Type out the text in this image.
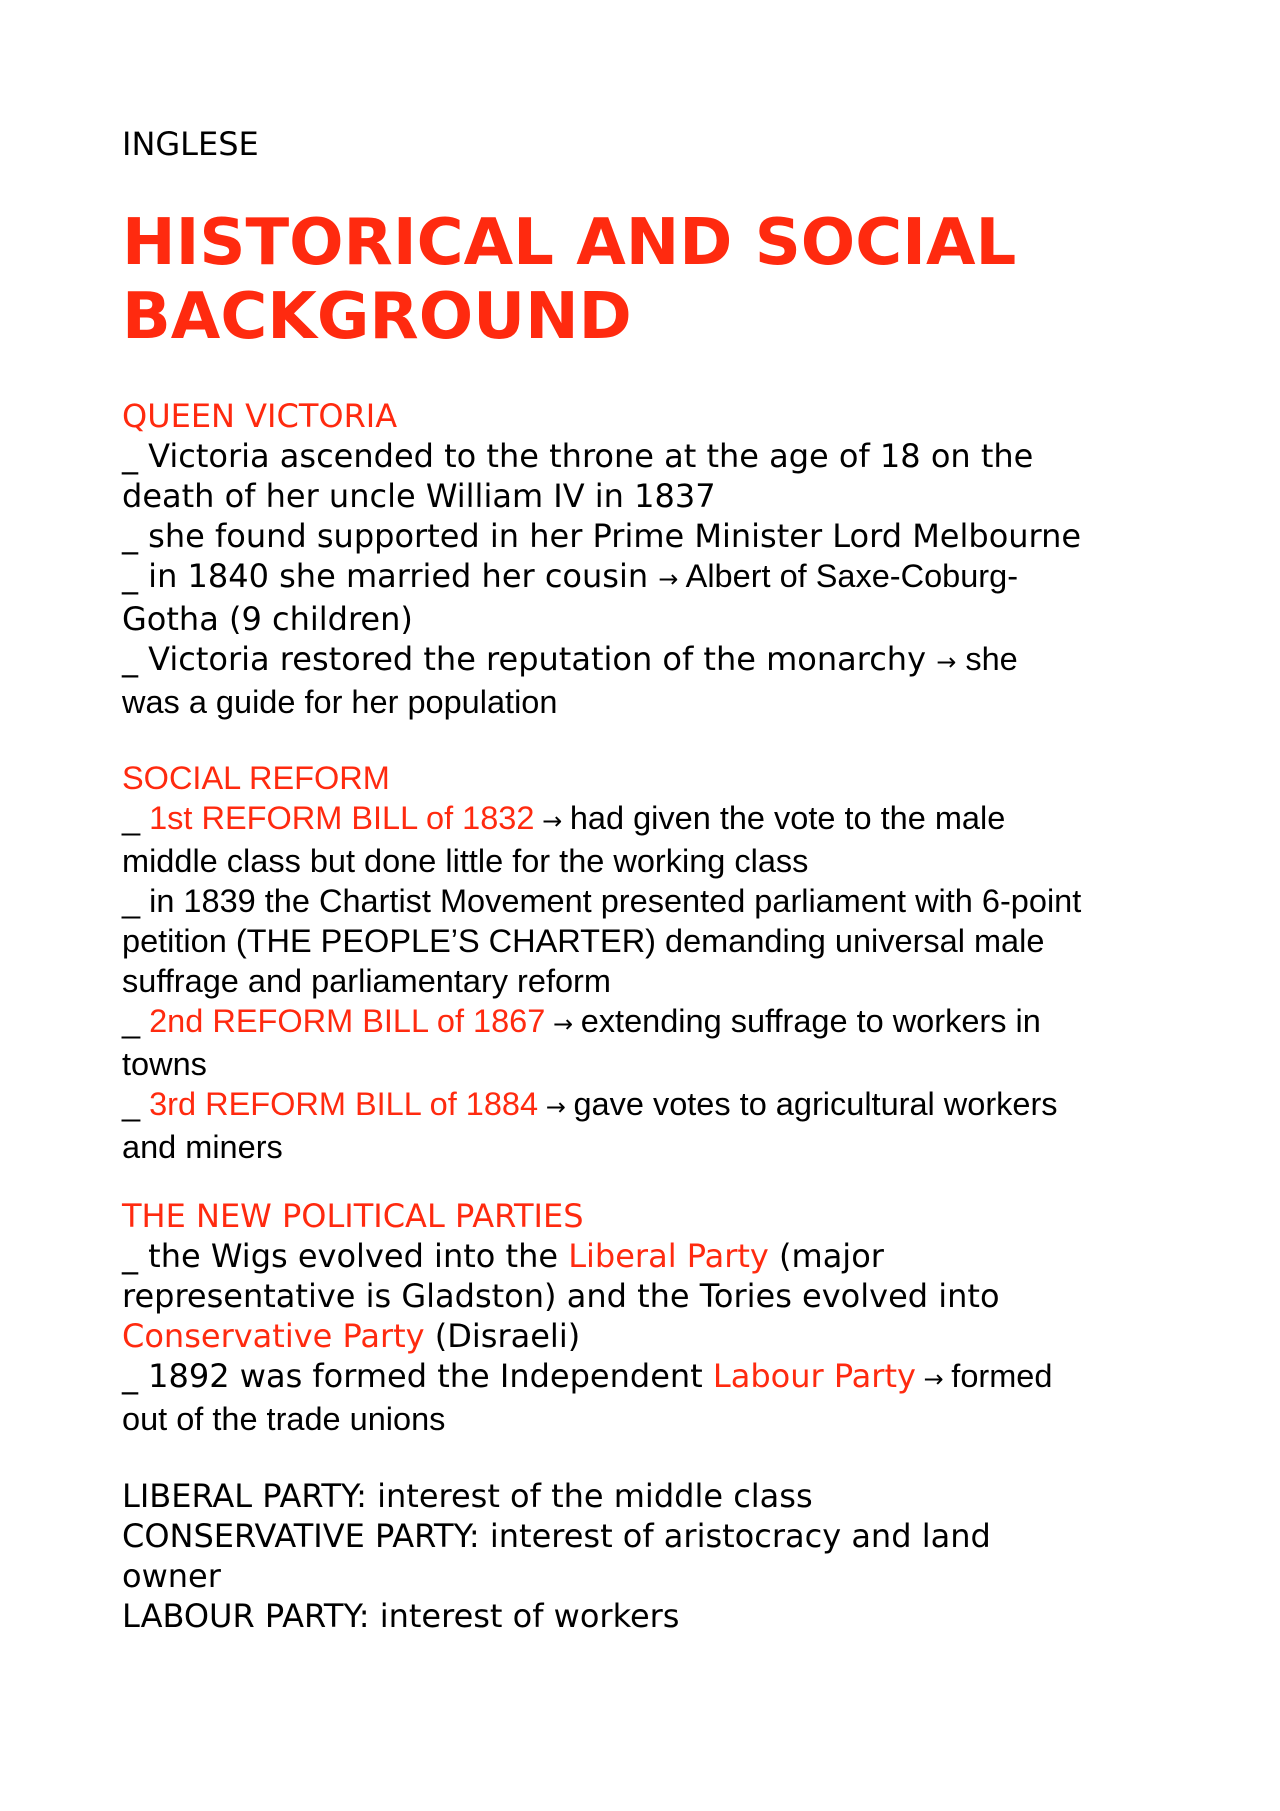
INGLESE
HISTORICAL AND SOCIAL
BACKGROUND

QUEEN VICTORIA

_ Victoria ascended to the throne at the age of 18 on the

death of her uncle William IV in 1837

_ she found supported in her Prime Minister Lord Melbourne

_ in 1840 she married her cousin → Albert of Saxe-Coburg-

Gotha (9 children)

_ Victoria restored the reputation of the monarchy → she

was a guide for her population

SOCIAL REFORM

_ 1st REFORM BILL of 1832 → had given the vote to the male

middle class but done little for the working class

_ in 1839 the Chartist Movement presented parliament with 6-point

petition (THE PEOPLE’S CHARTER) demanding universal male

suffrage and parliamentary reform

_ 2nd REFORM BILL of 1867 → extending suffrage to workers in

towns

_ 3rd REFORM BILL of 1884 → gave votes to agricultural workers

and miners

THE NEW POLITICAL PARTIES

_ the Wigs evolved into the Liberal Party (major

representative is Gladston) and the Tories evolved into

Conservative Party (Disraeli)

_ 1892 was formed the Independent Labour Party → formed

out of the trade unions

LIBERAL PARTY: interest of the middle class

CONSERVATIVE PARTY: interest of aristocracy and land

owner

LABOUR PARTY: interest of workers
